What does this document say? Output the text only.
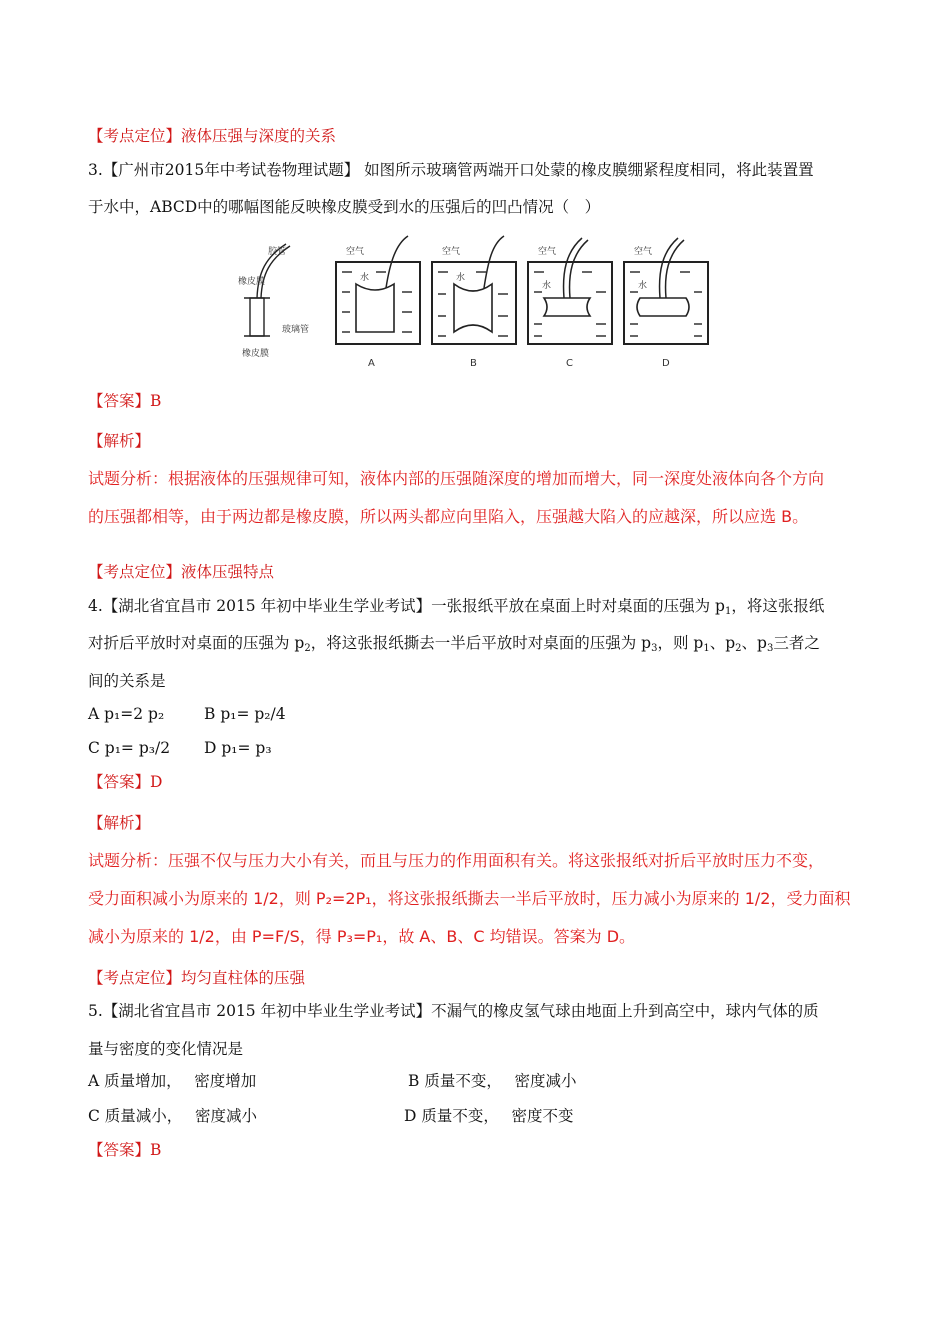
【考点定位】液体压强与深度的关系
3.【广州市2015年中考试卷物理试题】 如图所示玻璃管两端开口处蒙的橡皮膜绷紧程度相同，将此装置置
于水中，ABCD中的哪幅图能反映橡皮膜受到水的压强后的凹凸情况（　）
胶管
橡皮膜
玻璃管
橡皮膜
空气
水
A
空气
水
B
空气
水
C
空气
水
D
【答案】B
【解析】
试题分析：根据液体的压强规律可知，液体内部的压强随深度的增加而增大，同一深度处液体向各个方向
的压强都相等，由于两边都是橡皮膜，所以两头都应向里陷入，压强越大陷入的应越深，所以应选 B。
【考点定位】液体压强特点
4.【湖北省宜昌市 2015 年初中毕业生学业考试】一张报纸平放在桌面上时对桌面的压强为 $p_1$，将这张报纸
对折后平放时对桌面的压强为 $p_2$，将这张报纸撕去一半后平放时对桌面的压强为 $p_3$，则 $p_1$、$p_2$、$p_3$三者之
间的关系是
A p₁=2 p₂	B p₁= p₂/4
C p₁= p₃/2 D p₁= p₃
【答案】D
【解析】
试题分析：压强不仅与压力大小有关，而且与压力的作用面积有关。将这张报纸对折后平放时压力不变，
受力面积减小为原来的 1/2，则 P₂=2P₁，将这张报纸撕去一半后平放时，压力减小为原来的 1/2，受力面积
减小为原来的 1/2，由 P=F/S，得 P₃=P₁，故 A、B、C 均错误。答案为 D。
【考点定位】均匀直柱体的压强
5.【湖北省宜昌市 2015 年初中毕业生学业考试】不漏气的橡皮氢气球由地面上升到高空中，球内气体的质
量与密度的变化情况是
A 质量增加，　 密度增加	B 质量不变，　 密度减小
C 质量减小，　 密度减小	D 质量不变，　 密度不变
【答案】B
